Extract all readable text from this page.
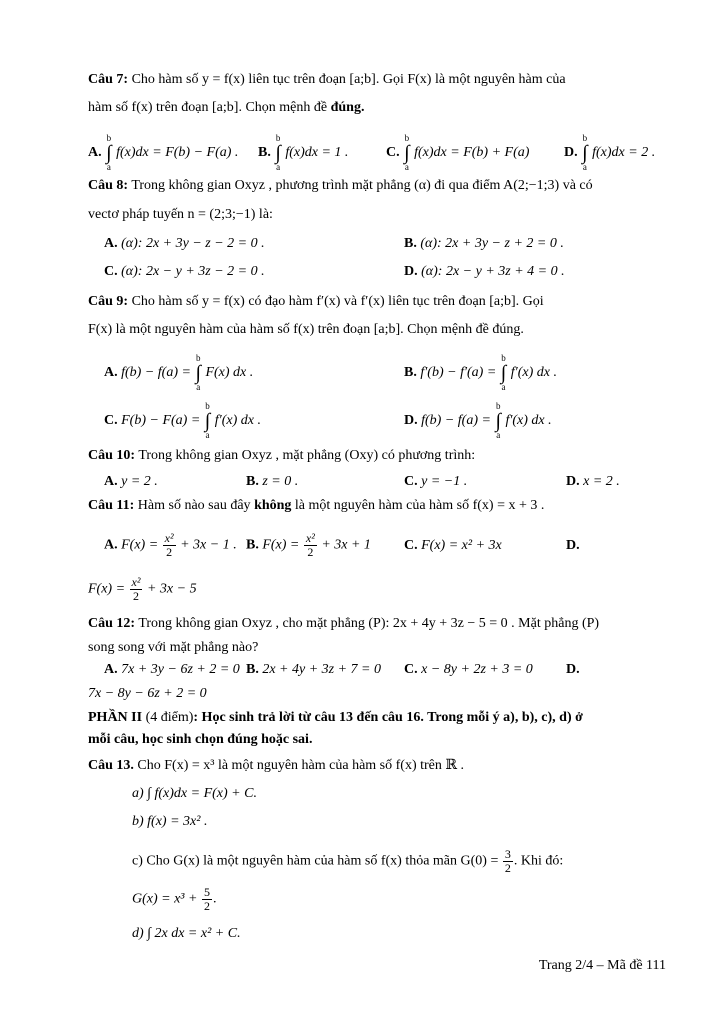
Câu 7: Cho hàm số y = f(x) liên tục trên đoạn [a;b]. Gọi F(x) là một nguyên hàm của
hàm số f(x) trên đoạn [a;b]. Chọn mệnh đề đúng.
A.
b
∫
a
f(x)dx = F(b) − F(a) . B.
b
∫
a
f(x)dx = 1 .	C.
b
∫
a
f(x)dx = F(b) + F(a) D.
b
∫
a
f(x)dx = 2 .
Câu 8: Trong không gian Oxyz , phương trình mặt phẳng (α) đi qua điểm A(2;−1;3) và có
vectơ pháp tuyến n = (2;3;−1) là:
A. (α): 2x + 3y − z − 2 = 0 .	B. (α): 2x + 3y − z + 2 = 0 .
C. (α): 2x − y + 3z − 2 = 0 .	D. (α): 2x − y + 3z + 4 = 0 .
Câu 9: Cho hàm số y = f(x) có đạo hàm f′(x) và f′(x) liên tục trên đoạn [a;b]. Gọi
F(x) là một nguyên hàm của hàm số f(x) trên đoạn [a;b]. Chọn mệnh đề đúng.
A. f(b) − f(a) =
b
∫
a
F(x) dx .	B. f′(b) − f′(a) =
b
∫
a
f′(x) dx .
C. F(b) − F(a) =
b
∫
a
f′(x) dx .	D. f(b) − f(a) =
b
∫
a
f′(x) dx .
Câu 10: Trong không gian Oxyz , mặt phẳng (Oxy) có phương trình:
A. y = 2 .	B. z = 0 .	C. y = −1 .	D. x = 2 .
Câu 11: Hàm số nào sau đây không là một nguyên hàm của hàm số f(x) = x + 3 .
A. $F(x) = \frac{\text{x²}}{2} + 3x - 1$ . B. $F(x) = \frac{\text{x²}}{2} + 3x + 1$ C. F(x) = x² + 3x	D.
$F(x) = \frac{\text{x²}}{2} + 3x - 5$
Câu 12: Trong không gian Oxyz , cho mặt phẳng (P): 2x + 4y + 3z − 5 = 0 . Mặt phẳng (P)
song song với mặt phẳng nào?
A. 7x + 3y − 6z + 2 = 0 B. 2x + 4y + 3z + 7 = 0 C. x − 8y + 2z + 3 = 0 D.
7x − 8y − 6z + 2 = 0
PHẦN II (4 điểm): Học sinh trả lời từ câu 13 đến câu 16. Trong mỗi ý a), b), c), d) ở
mỗi câu, học sinh chọn đúng hoặc sai.
Câu 13. Cho F(x) = x³ là một nguyên hàm của hàm số f(x) trên ℝ .
a) ∫ f(x)dx = F(x) + C.
b) f(x) = 3x² .
c) Cho G(x) là một nguyên hàm của hàm số f(x) thỏa mãn $G(0) = \frac{3}{2}$ . Khi đó:
$G(x) = x^3 + \frac{5}{2}$ .
d) ∫ 2x dx = x² + C.
Trang 2/4 – Mã đề 111
